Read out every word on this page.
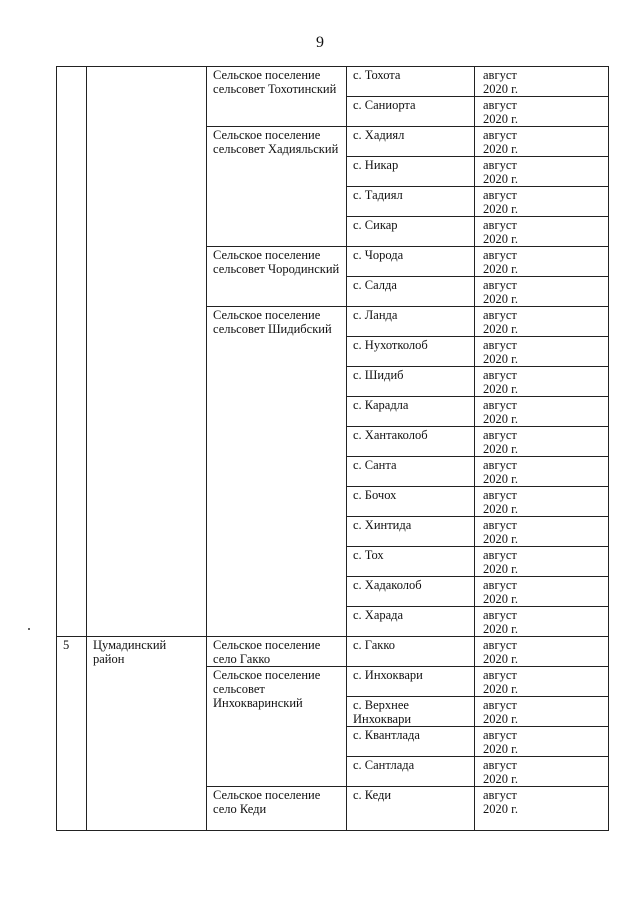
9
		Сельское поселение сельсовет Тохотинский	с. Тохота	август
2020 г.

			с. Саниорта	август
2020 г.

		Сельское поселение сельсовет Хадияльский	с. Хадиял	август
2020 г.

			с. Никар	август
2020 г.

			с. Тадиял	август
2020 г.

			с. Сикар	август
2020 г.

		Сельское поселение сельсовет Чородинский	с. Чорода	август
2020 г.

			с. Салда	август
2020 г.

		Сельское поселение сельсовет Шидибский	с. Ланда	август
2020 г.

			с. Нухотколоб	август
2020 г.

			с. Шидиб	август
2020 г.

			с. Карадла	август
2020 г.

			с. Хантаколоб	август
2020 г.

			с. Санта	август
2020 г.

			с. Бочох	август
2020 г.

			с. Хинтида	август
2020 г.

			с. Тох	август
2020 г.

			с. Хадаколоб	август
2020 г.

			с. Харада	август
2020 г.

5	Цумадинский район	Сельское поселение село Гакко	с. Гакко	август
2020 г.

		Сельское поселение сельсовет Инхокваринский	с. Инхоквари	август
2020 г.

			с. Верхнее Инхоквари	август
2020 г.

			с. Квантлада	август
2020 г.

			с. Сантлада	август
2020 г.

		Сельское поселение село Кеди	с. Кеди	август
2020 г.
